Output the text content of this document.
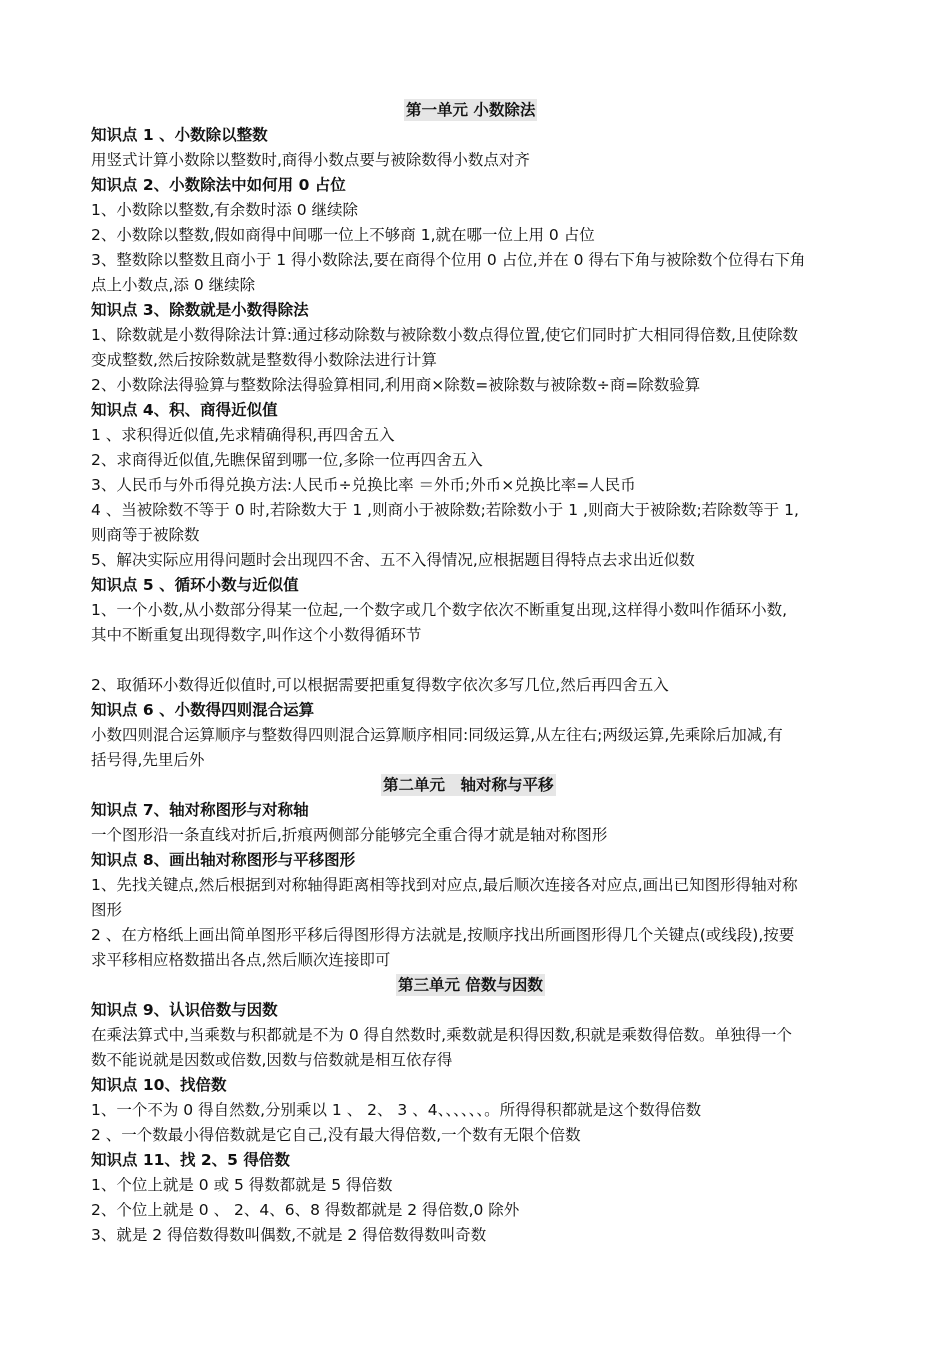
第一单元 小数除法
知识点 1 、小数除以整数
用竖式计算小数除以整数时,商得小数点要与被除数得小数点对齐
知识点 2、小数除法中如何用 0 占位
1、小数除以整数,有余数时添 0 继续除
2、小数除以整数,假如商得中间哪一位上不够商 1,就在哪一位上用 0 占位
3、整数除以整数且商小于 1 得小数除法,要在商得个位用 0 占位,并在 0 得右下角与被除数个位得右下角
点上小数点,添 0 继续除
知识点 3、除数就是小数得除法
1、除数就是小数得除法计算:通过移动除数与被除数小数点得位置,使它们同时扩大相同得倍数,且使除数
变成整数,然后按除数就是整数得小数除法进行计算
2、小数除法得验算与整数除法得验算相同,利用商×除数=被除数与被除数÷商=除数验算
知识点 4、积、商得近似值
1 、求积得近似值,先求精确得积,再四舍五入
2、求商得近似值,先瞧保留到哪一位,多除一位再四舍五入
3、人民币与外币得兑换方法:人民币÷兑换比率 ＝外币;外币×兑换比率=人民币
4 、当被除数不等于 0 时,若除数大于 1 ,则商小于被除数;若除数小于 1 ,则商大于被除数;若除数等于 1,
则商等于被除数
5、解决实际应用得问题时会出现四不舍、五不入得情况,应根据题目得特点去求出近似数
知识点 5 、循环小数与近似值
1、一个小数,从小数部分得某一位起,一个数字或几个数字依次不断重复出现,这样得小数叫作循环小数,
其中不断重复出现得数字,叫作这个小数得循环节
2、取循环小数得近似值时,可以根据需要把重复得数字依次多写几位,然后再四舍五入
知识点 6 、小数得四则混合运算
小数四则混合运算顺序与整数得四则混合运算顺序相同:同级运算,从左往右;两级运算,先乘除后加减,有
括号得,先里后外
第二单元　轴对称与平移
知识点 7、轴对称图形与对称轴
一个图形沿一条直线对折后,折痕两侧部分能够完全重合得才就是轴对称图形
知识点 8、画出轴对称图形与平移图形
1、先找关键点,然后根据到对称轴得距离相等找到对应点,最后顺次连接各对应点,画出已知图形得轴对称
图形
2 、在方格纸上画出简单图形平移后得图形得方法就是,按顺序找出所画图形得几个关键点(或线段),按要
求平移相应格数描出各点,然后顺次连接即可
第三单元 倍数与因数
知识点 9、认识倍数与因数
在乘法算式中,当乘数与积都就是不为 0 得自然数时,乘数就是积得因数,积就是乘数得倍数。单独得一个
数不能说就是因数或倍数,因数与倍数就是相互依存得
知识点 10、找倍数
1、一个不为 0 得自然数,分别乘以 1 、 2、 3 、4、、、、、、。所得得积都就是这个数得倍数
2 、一个数最小得倍数就是它自己,没有最大得倍数,一个数有无限个倍数
知识点 11、找 2、5 得倍数
1、个位上就是 0 或 5 得数都就是 5 得倍数
2、个位上就是 0 、 2、4、6、8 得数都就是 2 得倍数,0 除外
3、就是 2 得倍数得数叫偶数,不就是 2 得倍数得数叫奇数
